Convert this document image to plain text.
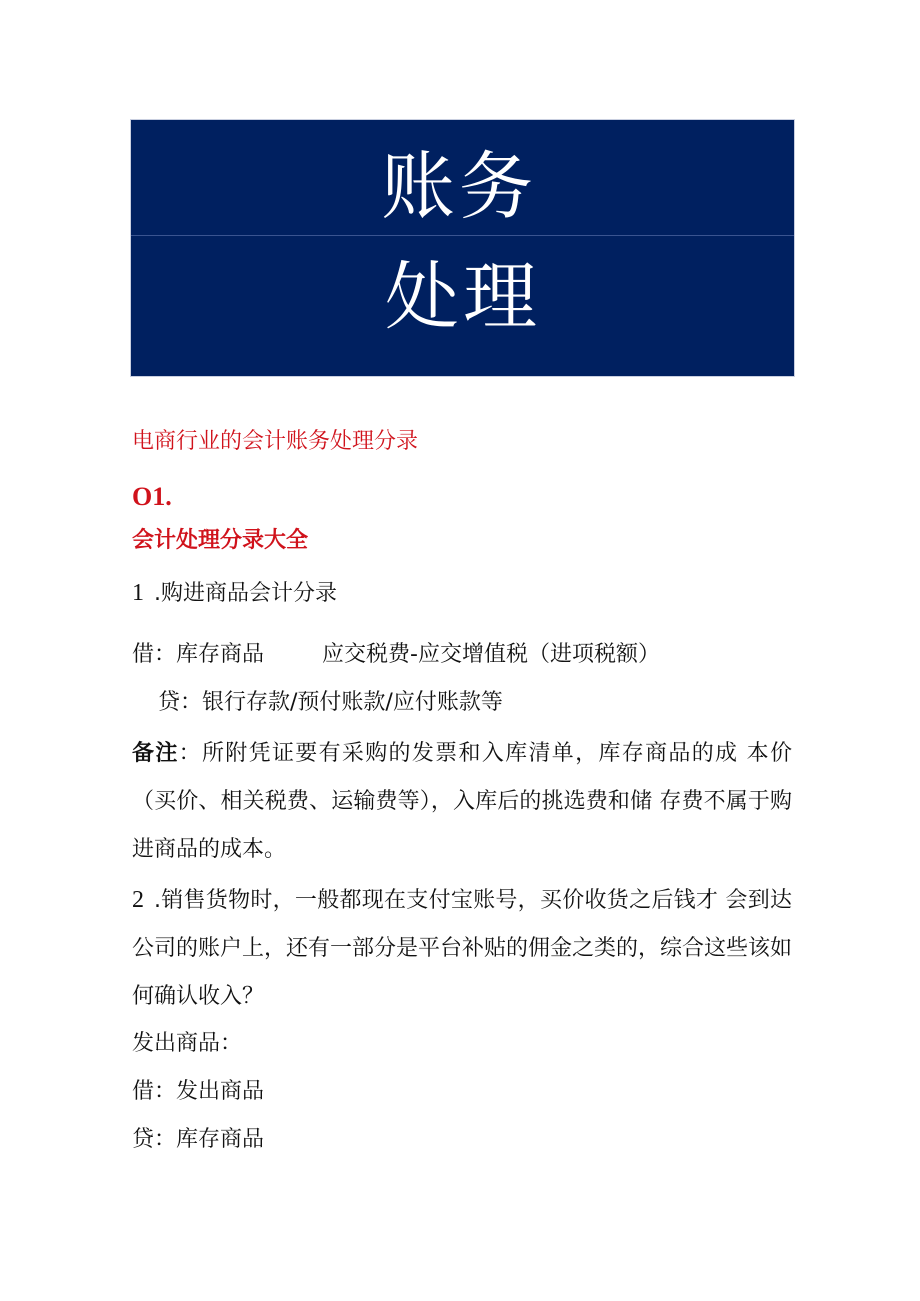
账务
处理
电商行业的会计账务处理分录
O1.
会计处理分录大全
1 .购进商品会计分录
借：库存商品	应交税费-应交增值税（进项税额）
贷：银行存款/预付账款/应付账款等
备注：所附凭证要有采购的发票和入库清单，库存商品的成 本价（买价、相关税费、运输费等），入库后的挑选费和储 存费不属于购进商品的成本。
2 .销售货物时，一般都现在支付宝账号，买价收货之后钱才 会到达公司的账户上，还有一部分是平台补贴的佣金之类的，综合这些该如何确认收入？
发出商品：
借：发出商品
贷：库存商品
